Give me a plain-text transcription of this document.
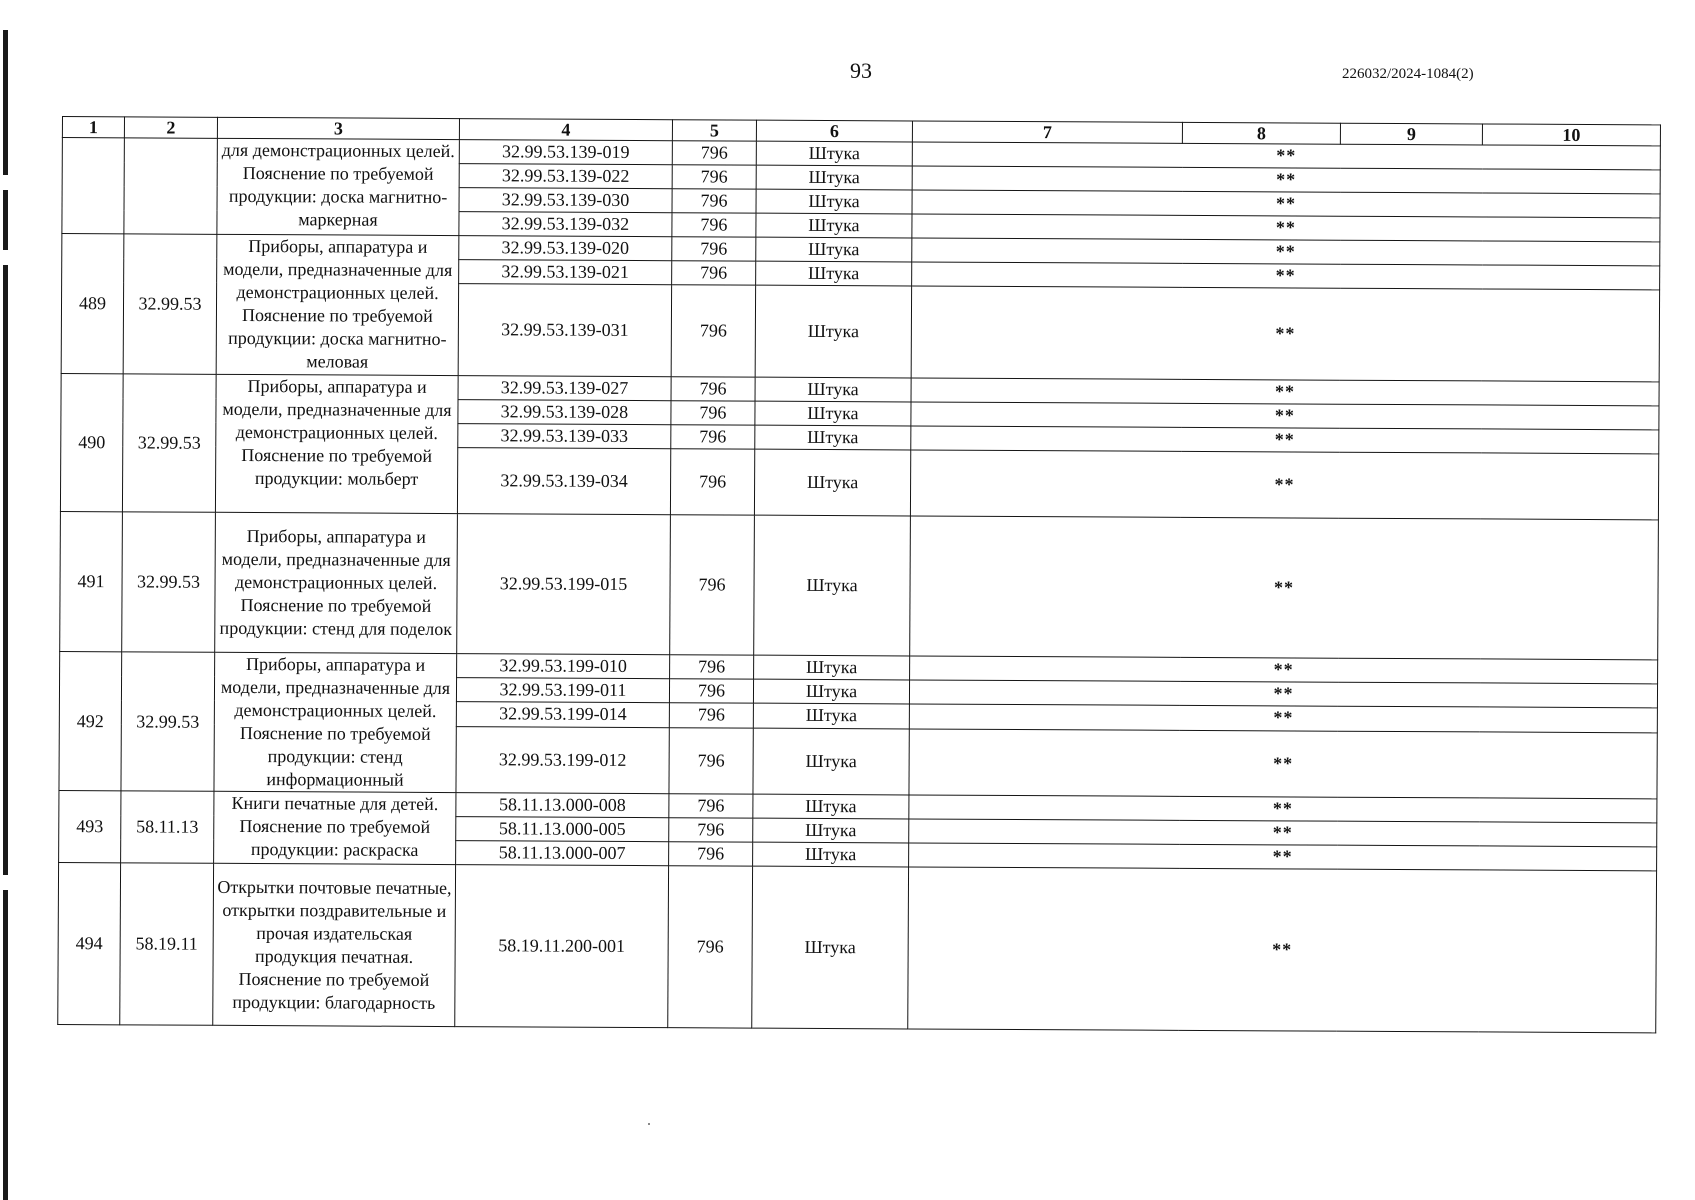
93	226032/2024-1084(2)
1	2	3	4	5	6	7	8	9	10
		для демонстрационных целей. Пояснение по требуемой продукции: доска магнитно-маркерная	32.99.53.139-019	796	Штука	**			
			32.99.53.139-022	796	Штука	**			
			32.99.53.139-030	796	Штука	**			
			32.99.53.139-032	796	Штука	**			
489	32.99.53	Приборы, аппаратура и модели, предназначенные для демонстрационных целей. Пояснение по требуемой продукции: доска магнитно-меловая	32.99.53.139-020	796	Штука	**			
			32.99.53.139-021	796	Штука	**			
			32.99.53.139-031	796	Штука	**			
490	32.99.53	Приборы, аппаратура и модели, предназначенные для демонстрационных целей. Пояснение по требуемой продукции: мольберт	32.99.53.139-027	796	Штука	**			
			32.99.53.139-028	796	Штука	**			
			32.99.53.139-033	796	Штука	**			
			32.99.53.139-034	796	Штука	**			
491	32.99.53	Приборы, аппаратура и модели, предназначенные для демонстрационных целей. Пояснение по требуемой продукции: стенд для поделок	32.99.53.199-015	796	Штука	**			
492	32.99.53	Приборы, аппаратура и модели, предназначенные для демонстрационных целей. Пояснение по требуемой продукции: стенд информационный	32.99.53.199-010	796	Штука	**			
			32.99.53.199-011	796	Штука	**			
			32.99.53.199-014	796	Штука	**			
			32.99.53.199-012	796	Штука	**			
493	58.11.13	Книги печатные для детей. Пояснение по требуемой продукции: раскраска	58.11.13.000-008	796	Штука	**			
			58.11.13.000-005	796	Штука	**			
			58.11.13.000-007	796	Штука	**			
494	58.19.11	Открытки почтовые печатные, открытки поздравительные и прочая издательская продукция печатная. Пояснение по требуемой продукции: благодарность	58.19.11.200-001	796	Штука	**			
